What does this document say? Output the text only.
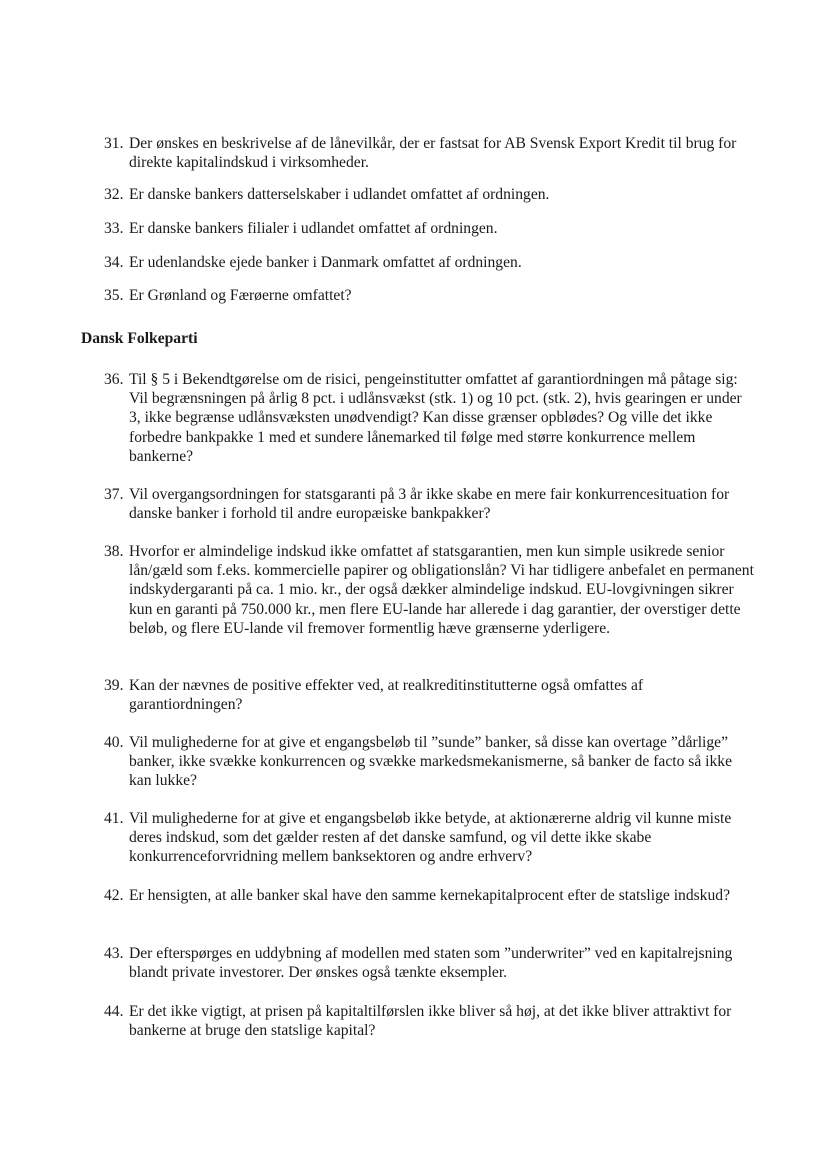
31. Der ønskes en beskrivelse af de lånevilkår, der er fastsat for AB Svensk Export Kredit til brug for direkte kapitalindskud i virksomheder.
32. Er danske bankers datterselskaber i udlandet omfattet af ordningen.
33. Er danske bankers filialer i udlandet omfattet af ordningen.
34. Er udenlandske ejede banker i Danmark omfattet af ordningen.
35. Er Grønland og Færøerne omfattet?
Dansk Folkeparti
36. Til § 5 i Bekendtgørelse om de risici, pengeinstitutter omfattet af garantiordningen må påtage sig: Vil begrænsningen på årlig 8 pct. i udlånsvækst (stk. 1) og 10 pct. (stk. 2), hvis gearingen er under 3, ikke begrænse udlånsvæksten unødvendigt? Kan disse grænser opblødes? Og ville det ikke forbedre bankpakke 1 med et sundere lånemarked til følge med større konkurrence mellem bankerne?
37. Vil overgangsordningen for statsgaranti på 3 år ikke skabe en mere fair konkurrencesituation for danske banker i forhold til andre europæiske bankpakker?
38. Hvorfor er almindelige indskud ikke omfattet af statsgarantien, men kun simple usikrede senior lån/gæld som f.eks. kommercielle papirer og obligationslån? Vi har tidligere anbefalet en permanent indskydergaranti på ca. 1 mio. kr., der også dækker almindelige indskud. EU-lovgivningen sikrer kun en garanti på 750.000 kr., men flere EU-lande har allerede i dag garantier, der overstiger dette beløb, og flere EU-lande vil fremover formentlig hæve grænserne yderligere.
39. Kan der nævnes de positive effekter ved, at realkreditinstitutterne også omfattes af garantiordningen?
40. Vil mulighederne for at give et engangsbeløb til ”sunde” banker, så disse kan overtage ”dårlige” banker, ikke svække konkurrencen og svække markedsmekanismerne, så banker de facto så ikke kan lukke?
41. Vil mulighederne for at give et engangsbeløb ikke betyde, at aktionærerne aldrig vil kunne miste deres indskud, som det gælder resten af det danske samfund, og vil dette ikke skabe konkurrenceforvridning mellem banksektoren og andre erhverv?
42. Er hensigten, at alle banker skal have den samme kernekapitalprocent efter de statslige indskud?
43. Der efterspørges en uddybning af modellen med staten som ”underwriter” ved en kapitalrejsning blandt private investorer. Der ønskes også tænkte eksempler.
44. Er det ikke vigtigt, at prisen på kapitaltilførslen ikke bliver så høj, at det ikke bliver attraktivt for bankerne at bruge den statslige kapital?
